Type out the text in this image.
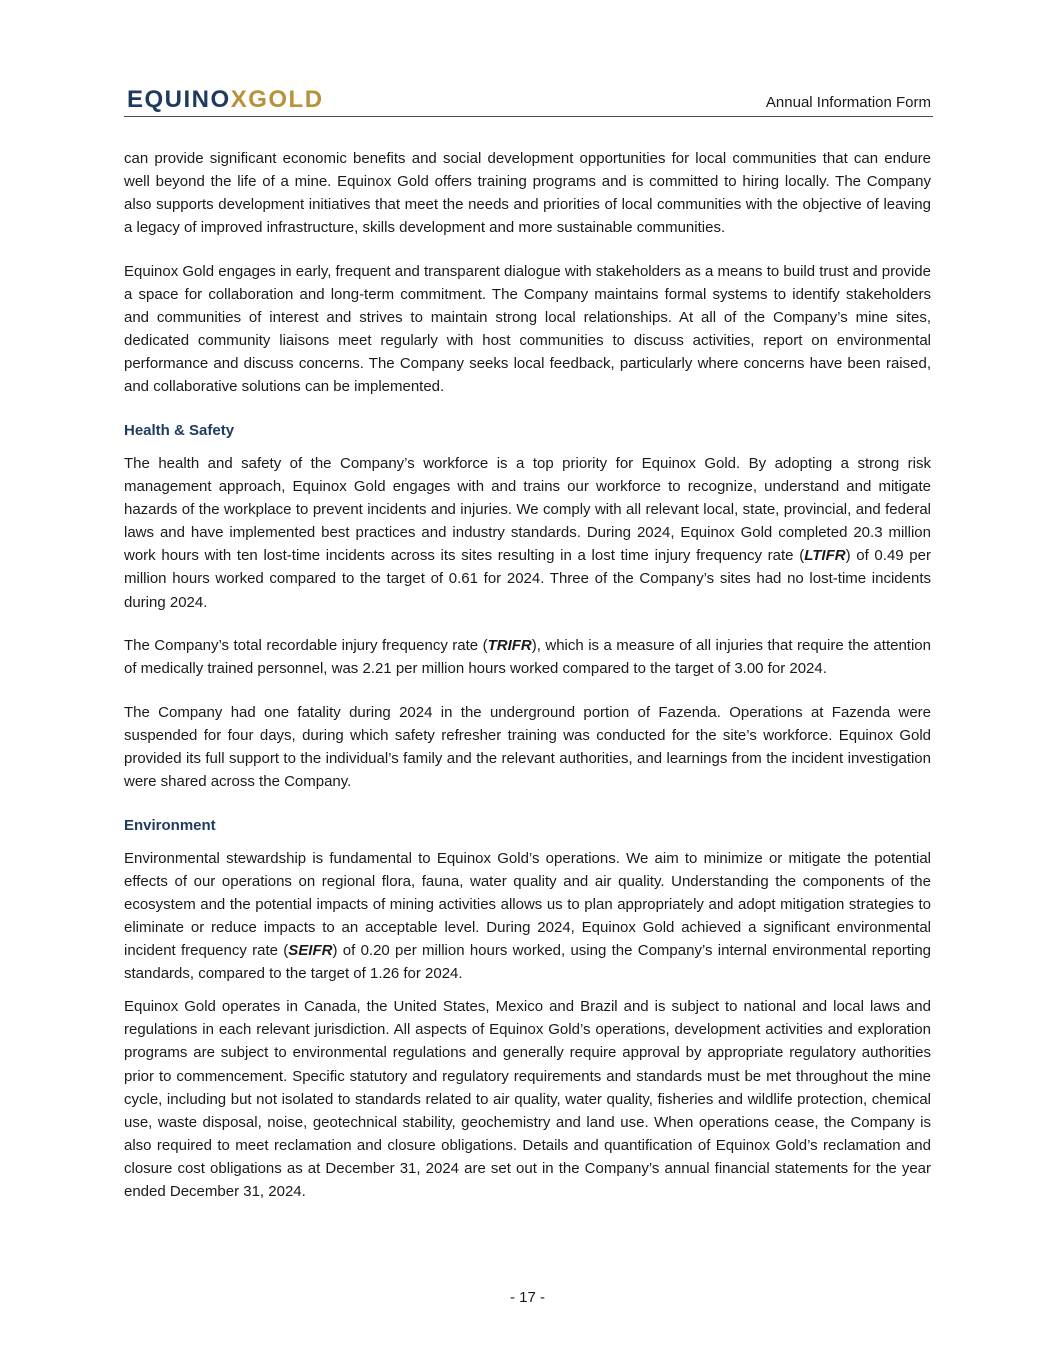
EQUINOXGOLD	Annual Information Form

can provide significant economic benefits and social development opportunities for local communities that can endure well beyond the life of a mine. Equinox Gold offers training programs and is committed to hiring locally. The Company also supports development initiatives that meet the needs and priorities of local communities with the objective of leaving a legacy of improved infrastructure, skills development and more sustainable communities.

Equinox Gold engages in early, frequent and transparent dialogue with stakeholders as a means to build trust and provide a space for collaboration and long-term commitment. The Company maintains formal systems to identify stakeholders and communities of interest and strives to maintain strong local relationships. At all of the Company’s mine sites, dedicated community liaisons meet regularly with host communities to discuss activities, report on environmental performance and discuss concerns. The Company seeks local feedback, particularly where concerns have been raised, and collaborative solutions can be implemented.

Health & Safety

The health and safety of the Company’s workforce is a top priority for Equinox Gold. By adopting a strong risk management approach, Equinox Gold engages with and trains our workforce to recognize, understand and mitigate hazards of the workplace to prevent incidents and injuries. We comply with all relevant local, state, provincial, and federal laws and have implemented best practices and industry standards. During 2024, Equinox Gold completed 20.3 million work hours with ten lost-time incidents across its sites resulting in a lost time injury frequency rate (LTIFR) of 0.49 per million hours worked compared to the target of 0.61 for 2024. Three of the Company’s sites had no lost-time incidents during 2024.

The Company’s total recordable injury frequency rate (TRIFR), which is a measure of all injuries that require the attention of medically trained personnel, was 2.21 per million hours worked compared to the target of 3.00 for 2024.

The Company had one fatality during 2024 in the underground portion of Fazenda. Operations at Fazenda were suspended for four days, during which safety refresher training was conducted for the site’s workforce. Equinox Gold provided its full support to the individual’s family and the relevant authorities, and learnings from the incident investigation were shared across the Company.

Environment

Environmental stewardship is fundamental to Equinox Gold’s operations. We aim to minimize or mitigate the potential effects of our operations on regional flora, fauna, water quality and air quality. Understanding the components of the ecosystem and the potential impacts of mining activities allows us to plan appropriately and adopt mitigation strategies to eliminate or reduce impacts to an acceptable level. During 2024, Equinox Gold achieved a significant environmental incident frequency rate (SEIFR) of 0.20 per million hours worked, using the Company’s internal environmental reporting standards, compared to the target of 1.26 for 2024.

Equinox Gold operates in Canada, the United States, Mexico and Brazil and is subject to national and local laws and regulations in each relevant jurisdiction. All aspects of Equinox Gold’s operations, development activities and exploration programs are subject to environmental regulations and generally require approval by appropriate regulatory authorities prior to commencement. Specific statutory and regulatory requirements and standards must be met throughout the mine cycle, including but not isolated to standards related to air quality, water quality, fisheries and wildlife protection, chemical use, waste disposal, noise, geotechnical stability, geochemistry and land use. When operations cease, the Company is also required to meet reclamation and closure obligations. Details and quantification of Equinox Gold’s reclamation and closure cost obligations as at December 31, 2024 are set out in the Company’s annual financial statements for the year ended December 31, 2024.

- 17 -
